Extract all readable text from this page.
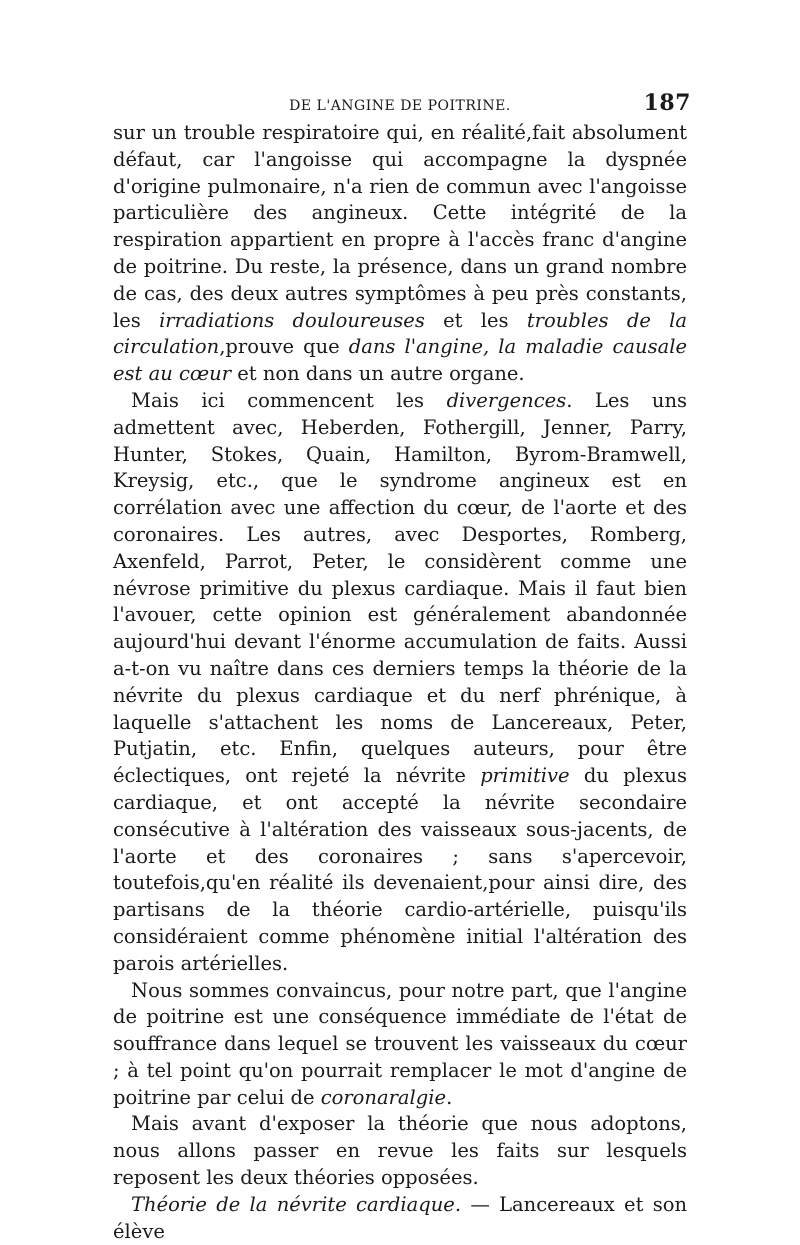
DE L'ANGINE DE POITRINE.	187

sur un trouble respiratoire qui, en réalité,fait absolument défaut, car l'angoisse qui accompagne la dyspnée d'origine pulmonaire, n'a rien de commun avec l'angoisse particulière des angineux. Cette intégrité de la respiration appartient en propre à l'accès franc d'angine de poitrine. Du reste, la présence, dans un grand nombre de cas, des deux autres symptômes à peu près constants, les irradiations douloureuses et les troubles de la circulation,prouve que dans l'angine, la maladie causale est au cœur et non dans un autre organe.

Mais ici commencent les divergences. Les uns admettent avec, Heberden, Fothergill, Jenner, Parry, Hunter, Stokes, Quain, Hamilton, Byrom-Bramwell, Kreysig, etc., que le syndrome angineux est en corrélation avec une affection du cœur, de l'aorte et des coronaires. Les autres, avec Desportes, Romberg, Axenfeld, Parrot, Peter, le considèrent comme une névrose primitive du plexus cardiaque. Mais il faut bien l'avouer, cette opinion est généralement abandonnée aujourd'hui devant l'énorme accumulation de faits. Aussi a-t-on vu naître dans ces derniers temps la théorie de la névrite du plexus cardiaque et du nerf phrénique, à laquelle s'attachent les noms de Lancereaux, Peter, Putjatin, etc. Enfin, quelques auteurs, pour être éclectiques, ont rejeté la névrite primitive du plexus cardiaque, et ont accepté la névrite secondaire consécutive à l'altération des vaisseaux sous-jacents, de l'aorte et des coronaires ; sans s'apercevoir, toutefois,qu'en réalité ils devenaient,pour ainsi dire, des partisans de la théorie cardio-artérielle, puisqu'ils considéraient comme phénomène initial l'altération des parois artérielles.

Nous sommes convaincus, pour notre part, que l'angine de poitrine est une conséquence immédiate de l'état de souffrance dans lequel se trouvent les vaisseaux du cœur ; à tel point qu'on pourrait remplacer le mot d'angine de poitrine par celui de coronaralgie.

Mais avant d'exposer la théorie que nous adoptons, nous allons passer en revue les faits sur lesquels reposent les deux théories opposées.

Théorie de la névrite cardiaque. — Lancereaux et son élève
